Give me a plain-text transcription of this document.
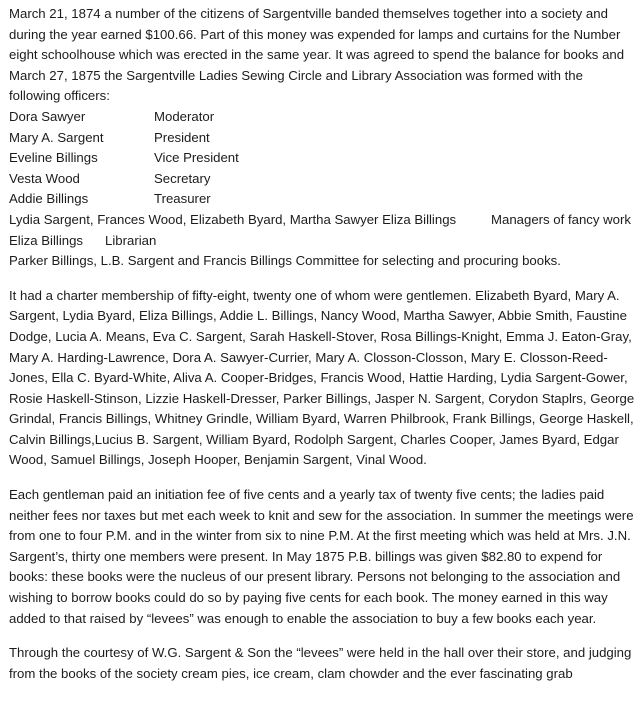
March 21, 1874 a number of the citizens of Sargentville banded themselves together into a society and during the year earned $100.66. Part of this money was expended for lamps and curtains for the Number eight schoolhouse which was erected in the same year. It was agreed to spend the balance for books and March 27, 1875 the Sargentville Ladies Sewing Circle and Library Association was formed with the following officers:

Dora Sawyer	Moderator
Mary A. Sargent	President
Eveline Billings	Vice President
Vesta Wood	Secretary
Addie Billings	Treasurer
Lydia Sargent, Frances Wood, Elizabeth Byard, Martha Sawyer Eliza Billings	Managers of fancy work
Eliza Billings	Librarian
Parker Billings, L.B. Sargent and Francis Billings Committee for selecting and procuring books.

It had a charter membership of fifty-eight, twenty one of whom were gentlemen. Elizabeth Byard, Mary A. Sargent, Lydia Byard, Eliza Billings, Addie L. Billings, Nancy Wood, Martha Sawyer, Abbie Smith, Faustine Dodge, Lucia A. Means, Eva C. Sargent, Sarah Haskell-Stover, Rosa Billings-Knight, Emma J. Eaton-Gray, Mary A. Harding-Lawrence, Dora A. Sawyer-Currier, Mary A. Closson-Closson, Mary E. Closson-Reed-Jones, Ella C. Byard-White, Aliva A. Cooper-Bridges, Francis Wood, Hattie Harding, Lydia Sargent-Gower, Rosie Haskell-Stinson, Lizzie Haskell-Dresser, Parker Billings, Jasper N. Sargent, Corydon Staplrs, George Grindal, Francis Billings, Whitney Grindle, William Byard, Warren Philbrook, Frank Billings, George Haskell, Calvin Billings,Lucius B. Sargent, William Byard, Rodolph Sargent, Charles Cooper, James Byard, Edgar Wood, Samuel Billings, Joseph Hooper, Benjamin Sargent, Vinal Wood.

Each gentleman paid an initiation fee of five cents and a yearly tax of twenty five cents; the ladies paid neither fees nor taxes but met each week to knit and sew for the association. In summer the meetings were from one to four P.M. and in the winter from six to nine P.M. At the first meeting which was held at Mrs. J.N. Sargent’s, thirty one members were present. In May 1875 P.B. billings was given $82.80 to expend for books: these books were the nucleus of our present library. Persons not belonging to the association and wishing to borrow books could do so by paying five cents for each book. The money earned in this way added to that raised by “levees” was enough to enable the association to buy a few books each year.

Through the courtesy of W.G. Sargent & Son the “levees” were held in the hall over their store, and judging from the books of the society cream pies, ice cream, clam chowder and the ever fascinating grab
